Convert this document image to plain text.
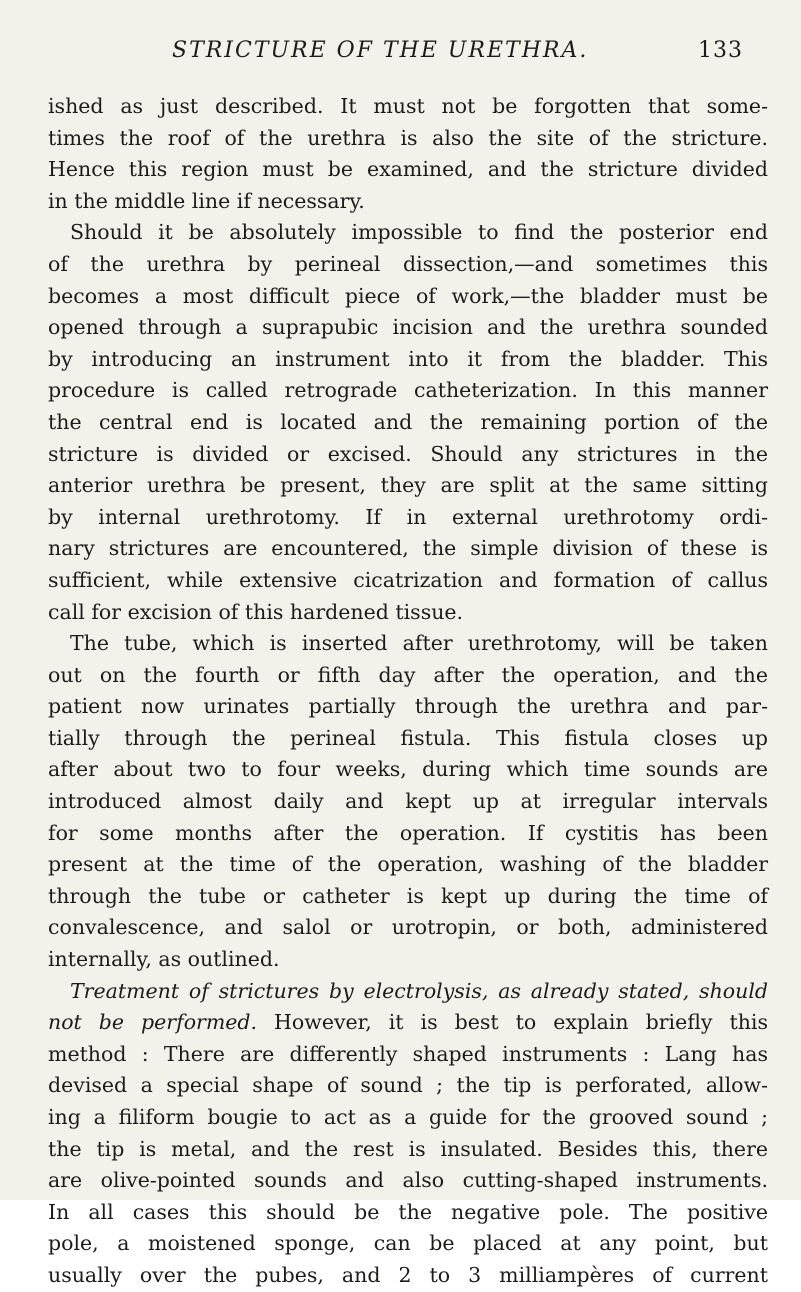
STRICTURE OF THE URETHRA.	133
ished as just described. It must not be forgotten that some-
times the roof of the urethra is also the site of the stricture.
Hence this region must be examined, and the stricture divided
in the middle line if necessary.
Should it be absolutely impossible to find the posterior end
of the urethra by perineal dissection,—and sometimes this
becomes a most difficult piece of work,—the bladder must be
opened through a suprapubic incision and the urethra sounded
by introducing an instrument into it from the bladder. This
procedure is called retrograde catheterization. In this manner
the central end is located and the remaining portion of the
stricture is divided or excised. Should any strictures in the
anterior urethra be present, they are split at the same sitting
by internal urethrotomy. If in external urethrotomy ordi-
nary strictures are encountered, the simple division of these is
sufficient, while extensive cicatrization and formation of callus
call for excision of this hardened tissue.
The tube, which is inserted after urethrotomy, will be taken
out on the fourth or fifth day after the operation, and the
patient now urinates partially through the urethra and par-
tially through the perineal fistula. This fistula closes up
after about two to four weeks, during which time sounds are
introduced almost daily and kept up at irregular intervals
for some months after the operation. If cystitis has been
present at the time of the operation, washing of the bladder
through the tube or catheter is kept up during the time of
convalescence, and salol or urotropin, or both, administered
internally, as outlined.
Treatment of strictures by electrolysis, as already stated, should
not be performed. However, it is best to explain briefly this
method : There are differently shaped instruments : Lang has
devised a special shape of sound ; the tip is perforated, allow-
ing a filiform bougie to act as a guide for the grooved sound ;
the tip is metal, and the rest is insulated. Besides this, there
are olive-pointed sounds and also cutting-shaped instruments.
In all cases this should be the negative pole. The positive
pole, a moistened sponge, can be placed at any point, but
usually over the pubes, and 2 to 3 milliampères of current
